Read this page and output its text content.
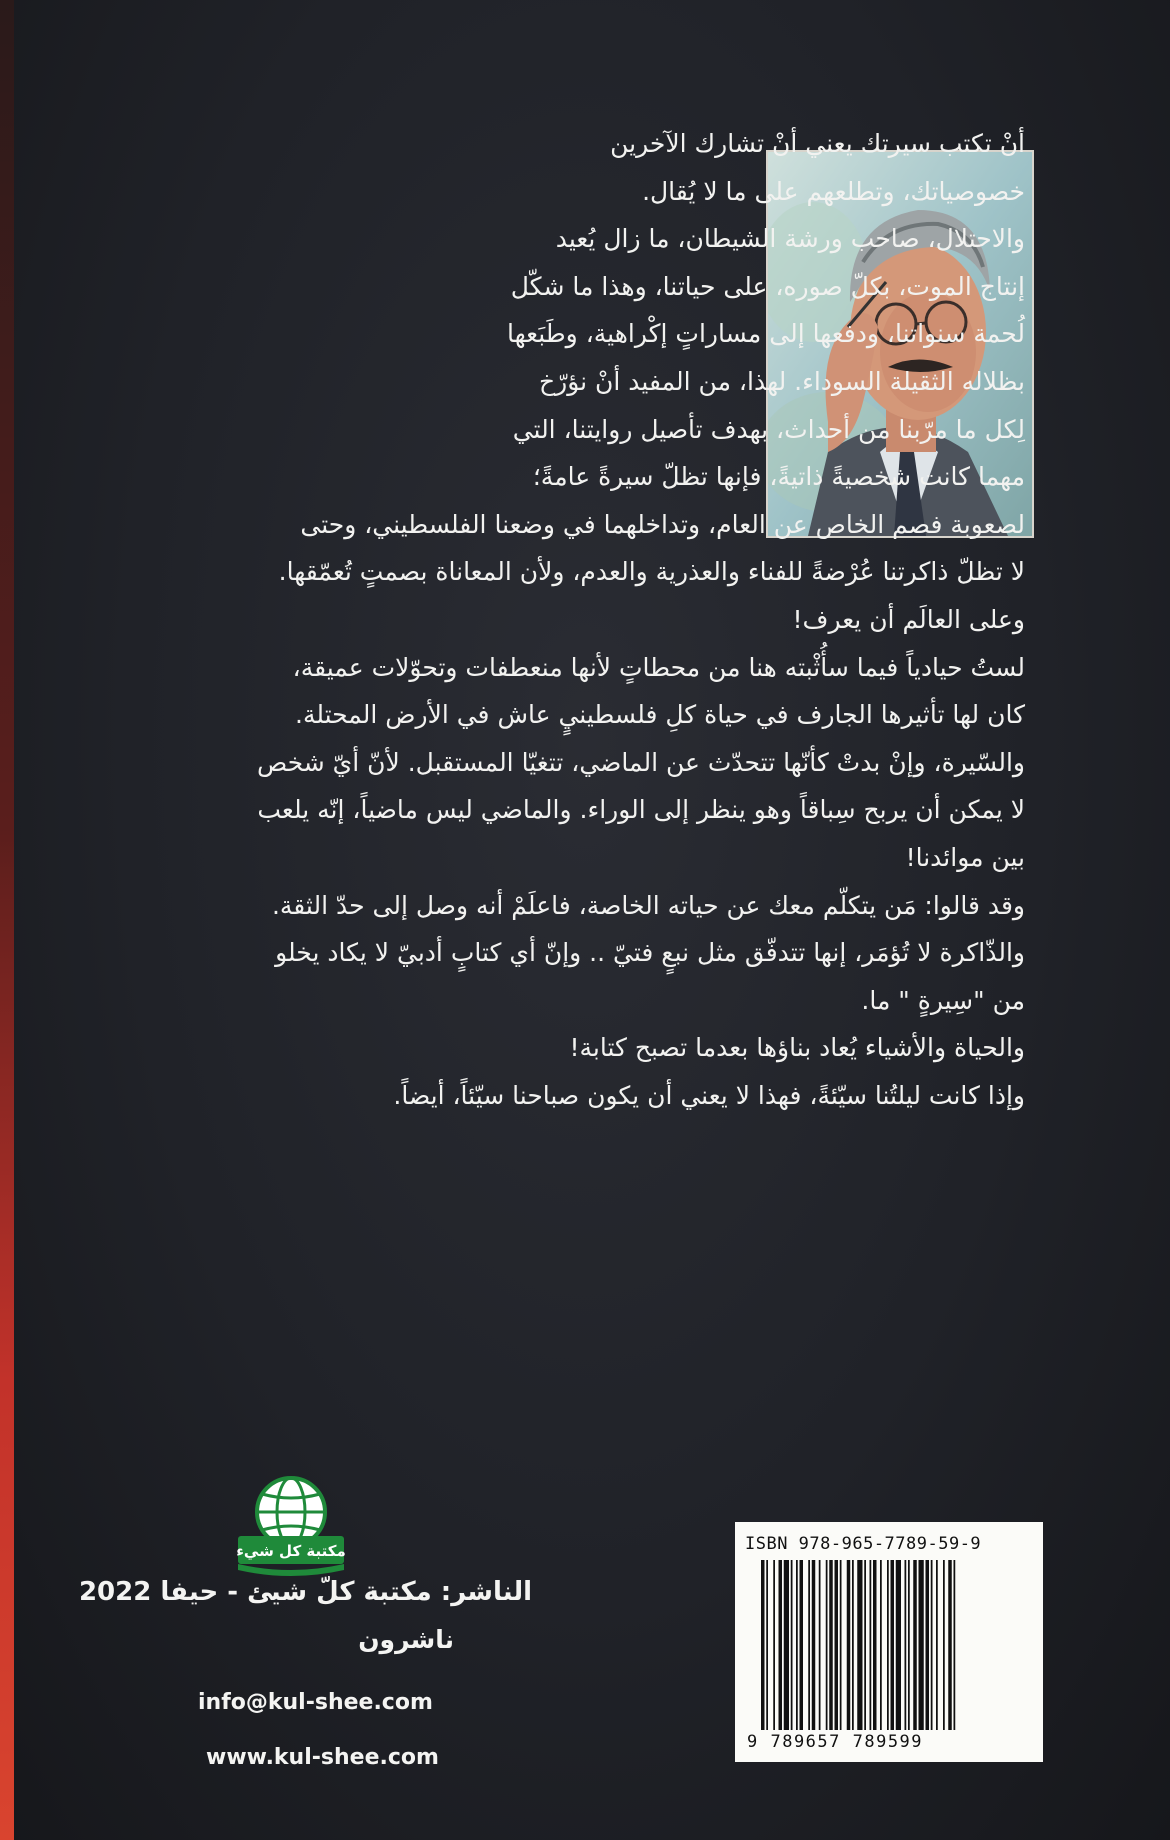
أنْ تكتب سيرتك يعني أنْ تشارك الآخرين
خصوصياتك، وتطلعهم على ما لا يُقال.
والاحتلال، صاحب ورشة الشيطان، ما زال يُعيد
إنتاج الموت، بكلّ صوره، على حياتنا، وهذا ما شكّل
لُحمة سنواتنا، ودفعها إلى مساراتٍ إكْراهية، وطَبَعها
بظلاله الثقيلة السوداء. لهذا، من المفيد أنْ نؤرّخ
لِكل ما مرّبنا من أحداث، بهدف تأصيل روايتنا، التي
مهما كانت شخصيةً ذاتيةً، فإنها تظلّ سيرةً عامةً؛
لصعوبة فصم الخاص عن العام، وتداخلهما في وضعنا الفلسطيني، وحتى
لا تظلّ ذاكرتنا عُرْضةً للفناء والعذرية والعدم، ولأن المعاناة بصمتٍ تُعمّقها.
وعلى العالَم أن يعرف!
لستُ حيادياً فيما سأُثْبته هنا من محطاتٍ لأنها منعطفات وتحوّلات عميقة،
كان لها تأثيرها الجارف في حياة كلِ فلسطينيٍ عاش في الأرض المحتلة.
والسّيرة، وإنْ بدتْ كأنّها تتحدّث عن الماضي، تتغيّا المستقبل. لأنّ أيّ شخص
لا يمكن أن يربح سِباقاً وهو ينظر إلى الوراء. والماضي ليس ماضياً، إنّه يلعب
بين موائدنا!
وقد قالوا: مَن يتكلّم معك عن حياته الخاصة، فاعلَمْ أنه وصل إلى حدّ الثقة.
والذّاكرة لا تُؤمَر، إنها تتدفّق مثل نبعٍ فتيّ .. وإنّ أي كتابٍ أدبيّ لا يكاد يخلو
من "سِيرةٍ " ما.
والحياة والأشياء يُعاد بناؤها بعدما تصبح كتابة!
وإذا كانت ليلتُنا سيّئةً، فهذا لا يعني أن يكون صباحنا سيّئاً، أيضاً.
مكتبة كل شيء
الناشر: مكتبة كلّ شيئ - حيفا 2022
ناشرون
info@kul-shee.com
www.kul-shee.com
ISBN 978-965-7789-59-9
9 789657 789599
